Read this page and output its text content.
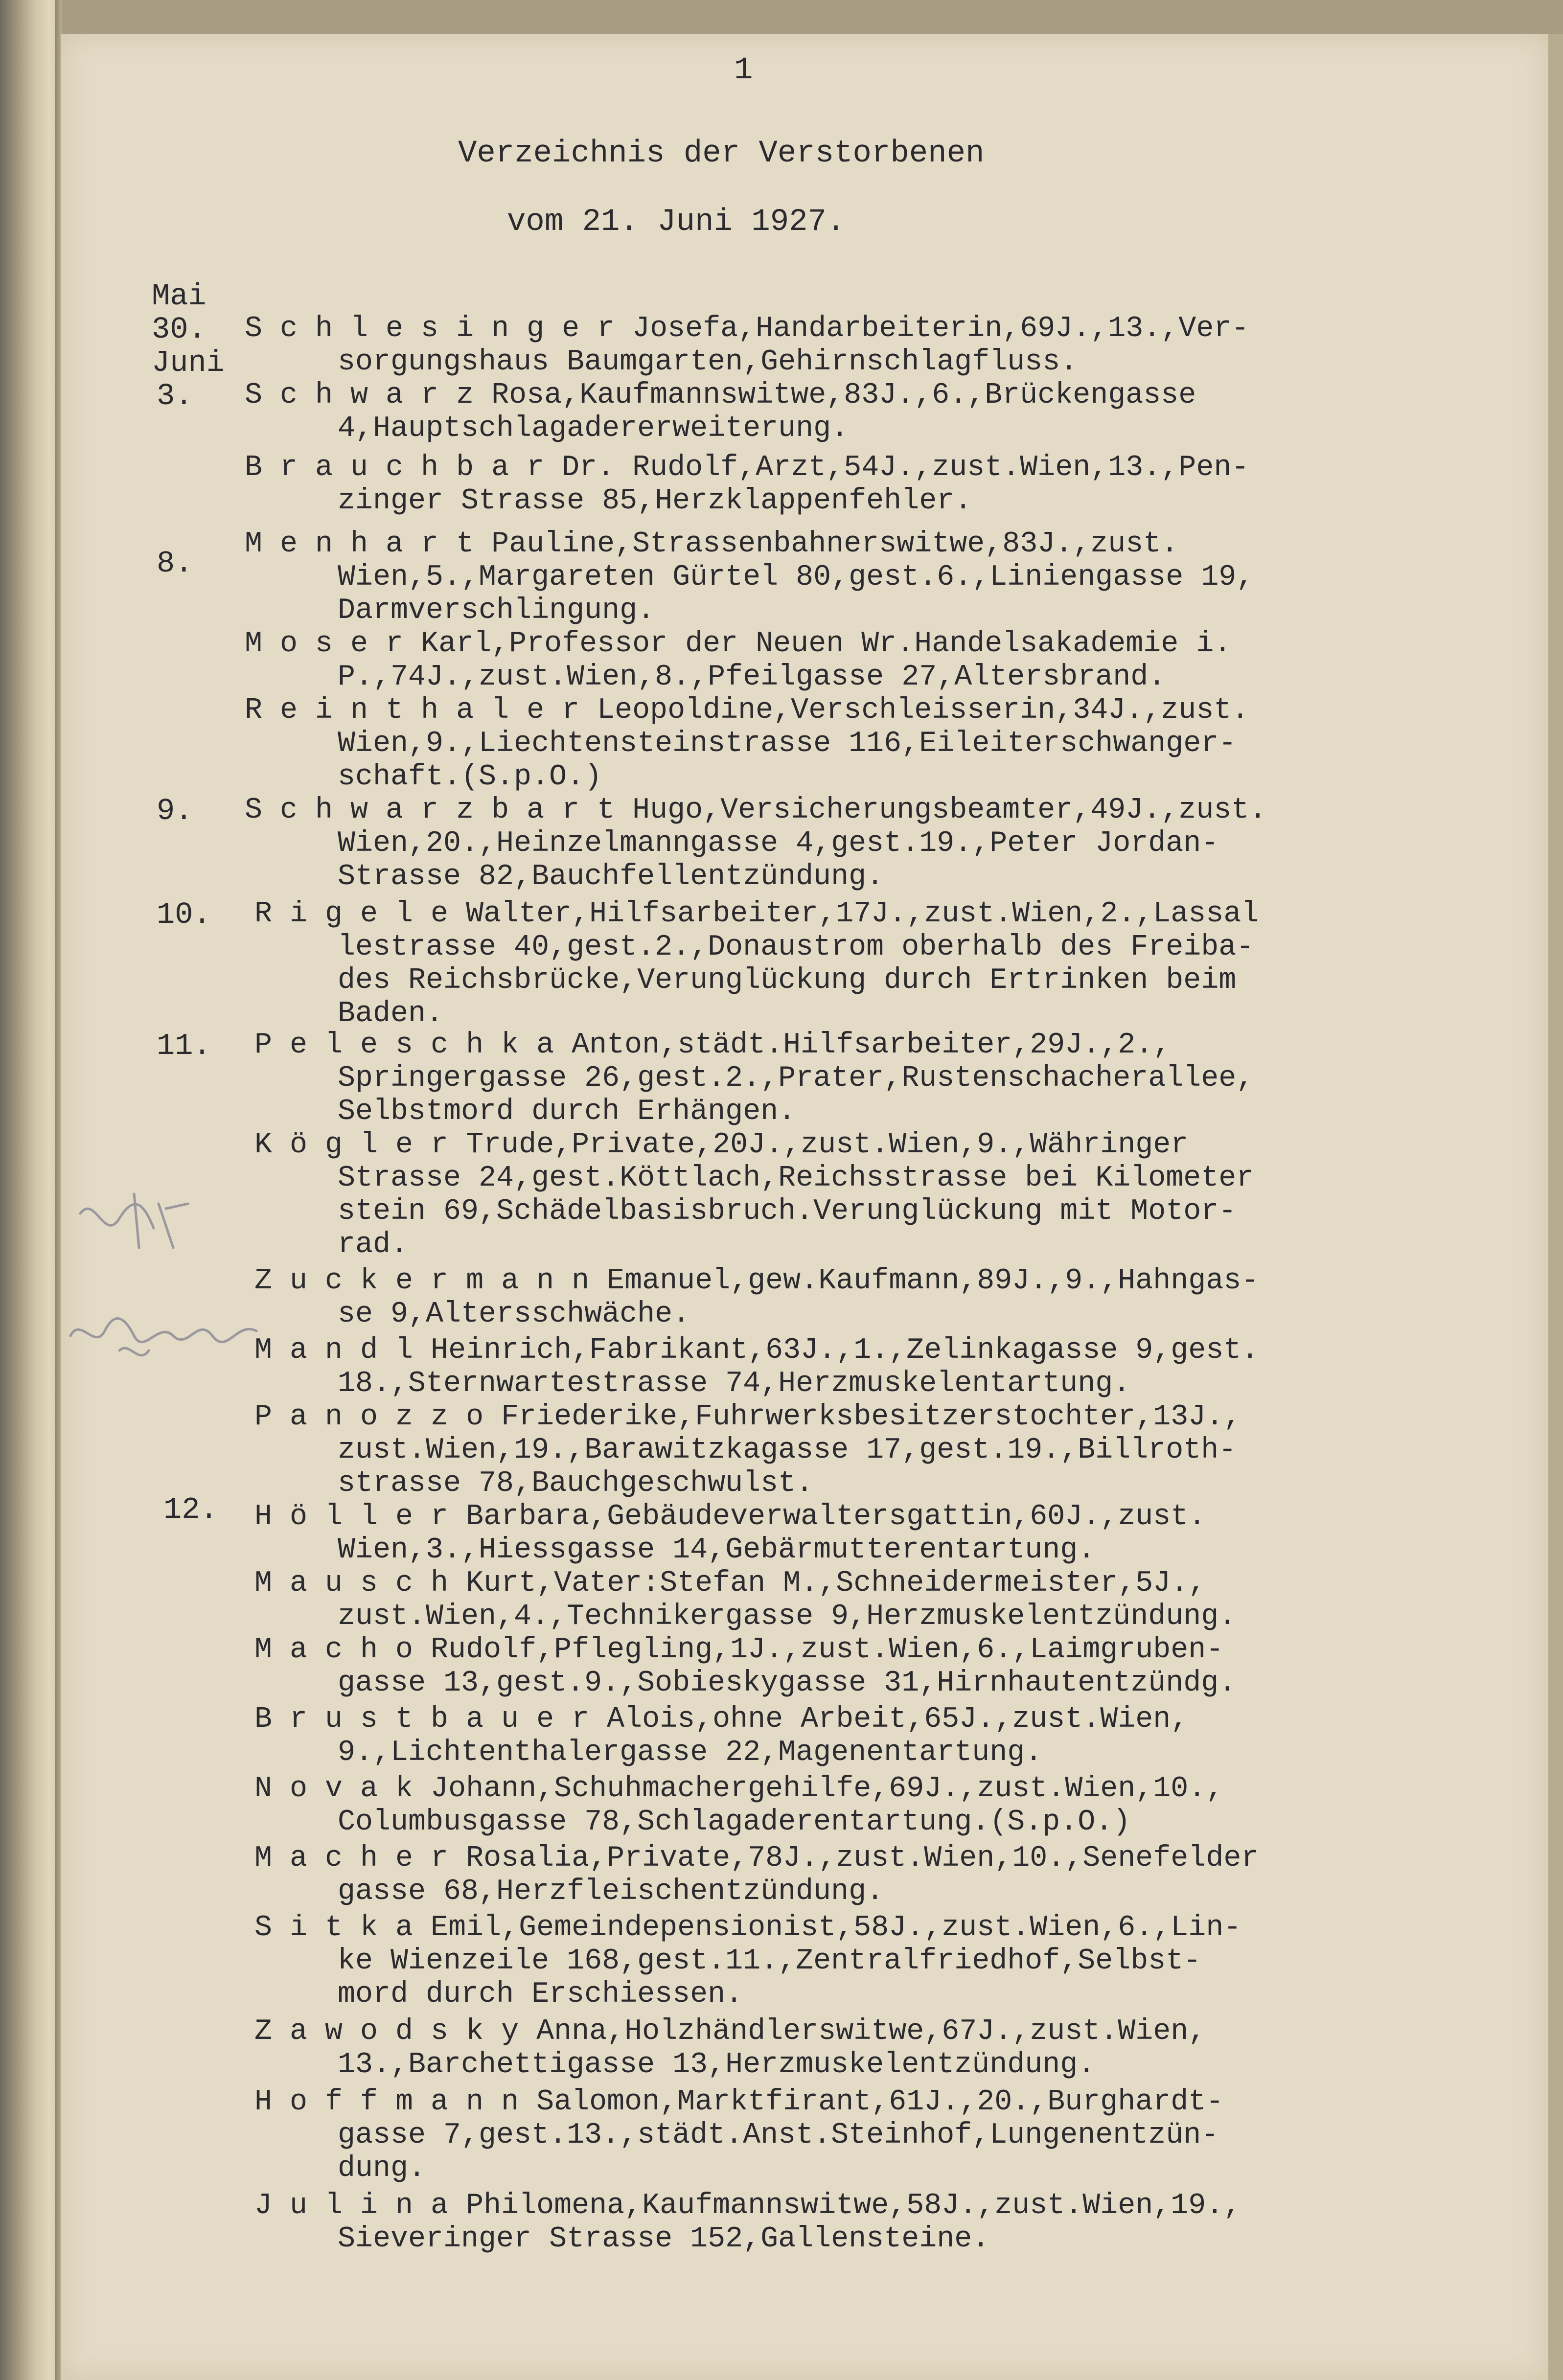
1
Verzeichnis der Verstorbenen
vom 21. Juni 1927.
Mai
30.
Juni
3.
8.
9.
10.
11.
12.
S c h l e s i n g e r Josefa,Handarbeiterin,69J.,13.,Ver-
sorgungshaus Baumgarten,Gehirnschlagfluss.
S c h w a r z Rosa,Kaufmannswitwe,83J.,6.,Brückengasse
4,Hauptschlagadererweiterung.
B r a u c h b a r Dr. Rudolf,Arzt,54J.,zust.Wien,13.,Pen-
zinger Strasse 85,Herzklappenfehler.
M e n h a r t Pauline,Strassenbahnerswitwe,83J.,zust.
Wien,5.,Margareten Gürtel 80,gest.6.,Liniengasse 19,
Darmverschlingung.
M o s e r Karl,Professor der Neuen Wr.Handelsakademie i.
P.,74J.,zust.Wien,8.,Pfeilgasse 27,Altersbrand.
R e i n t h a l e r Leopoldine,Verschleisserin,34J.,zust.
Wien,9.,Liechtensteinstrasse 116,Eileiterschwanger-
schaft.(S.p.O.)
S c h w a r z b a r t Hugo,Versicherungsbeamter,49J.,zust.
Wien,20.,Heinzelmanngasse 4,gest.19.,Peter Jordan-
Strasse 82,Bauchfellentzündung.
R i g e l e Walter,Hilfsarbeiter,17J.,zust.Wien,2.,Lassal
lestrasse 40,gest.2.,Donaustrom oberhalb des Freiba-
des Reichsbrücke,Verunglückung durch Ertrinken beim
Baden.
P e l e s c h k a Anton,städt.Hilfsarbeiter,29J.,2.,
Springergasse 26,gest.2.,Prater,Rustenschacherallee,
Selbstmord durch Erhängen.
K ö g l e r Trude,Private,20J.,zust.Wien,9.,Währinger
Strasse 24,gest.Köttlach,Reichsstrasse bei Kilometer
stein 69,Schädelbasisbruch.Verunglückung mit Motor-
rad.
Z u c k e r m a n n Emanuel,gew.Kaufmann,89J.,9.,Hahngas-
se 9,Altersschwäche.
M a n d l Heinrich,Fabrikant,63J.,1.,Zelinkagasse 9,gest.
18.,Sternwartestrasse 74,Herzmuskelentartung.
P a n o z z o Friederike,Fuhrwerksbesitzerstochter,13J.,
zust.Wien,19.,Barawitzkagasse 17,gest.19.,Billroth-
strasse 78,Bauchgeschwulst.
H ö l l e r Barbara,Gebäudeverwaltersgattin,60J.,zust.
Wien,3.,Hiessgasse 14,Gebärmutterentartung.
M a u s c h Kurt,Vater:Stefan M.,Schneidermeister,5J.,
zust.Wien,4.,Technikergasse 9,Herzmuskelentzündung.
M a c h o Rudolf,Pflegling,1J.,zust.Wien,6.,Laimgruben-
gasse 13,gest.9.,Sobieskygasse 31,Hirnhautentzündg.
B r u s t b a u e r Alois,ohne Arbeit,65J.,zust.Wien,
9.,Lichtenthalergasse 22,Magenentartung.
N o v a k Johann,Schuhmachergehilfe,69J.,zust.Wien,10.,
Columbusgasse 78,Schlagaderentartung.(S.p.O.)
M a c h e r Rosalia,Private,78J.,zust.Wien,10.,Senefelder
gasse 68,Herzfleischentzündung.
S i t k a Emil,Gemeindepensionist,58J.,zust.Wien,6.,Lin-
ke Wienzeile 168,gest.11.,Zentralfriedhof,Selbst-
mord durch Erschiessen.
Z a w o d s k y Anna,Holzhändlerswitwe,67J.,zust.Wien,
13.,Barchettigasse 13,Herzmuskelentzündung.
H o f f m a n n Salomon,Marktfirant,61J.,20.,Burghardt-
gasse 7,gest.13.,städt.Anst.Steinhof,Lungenentzün-
dung.
J u l i n a Philomena,Kaufmannswitwe,58J.,zust.Wien,19.,
Sieveringer Strasse 152,Gallensteine.
